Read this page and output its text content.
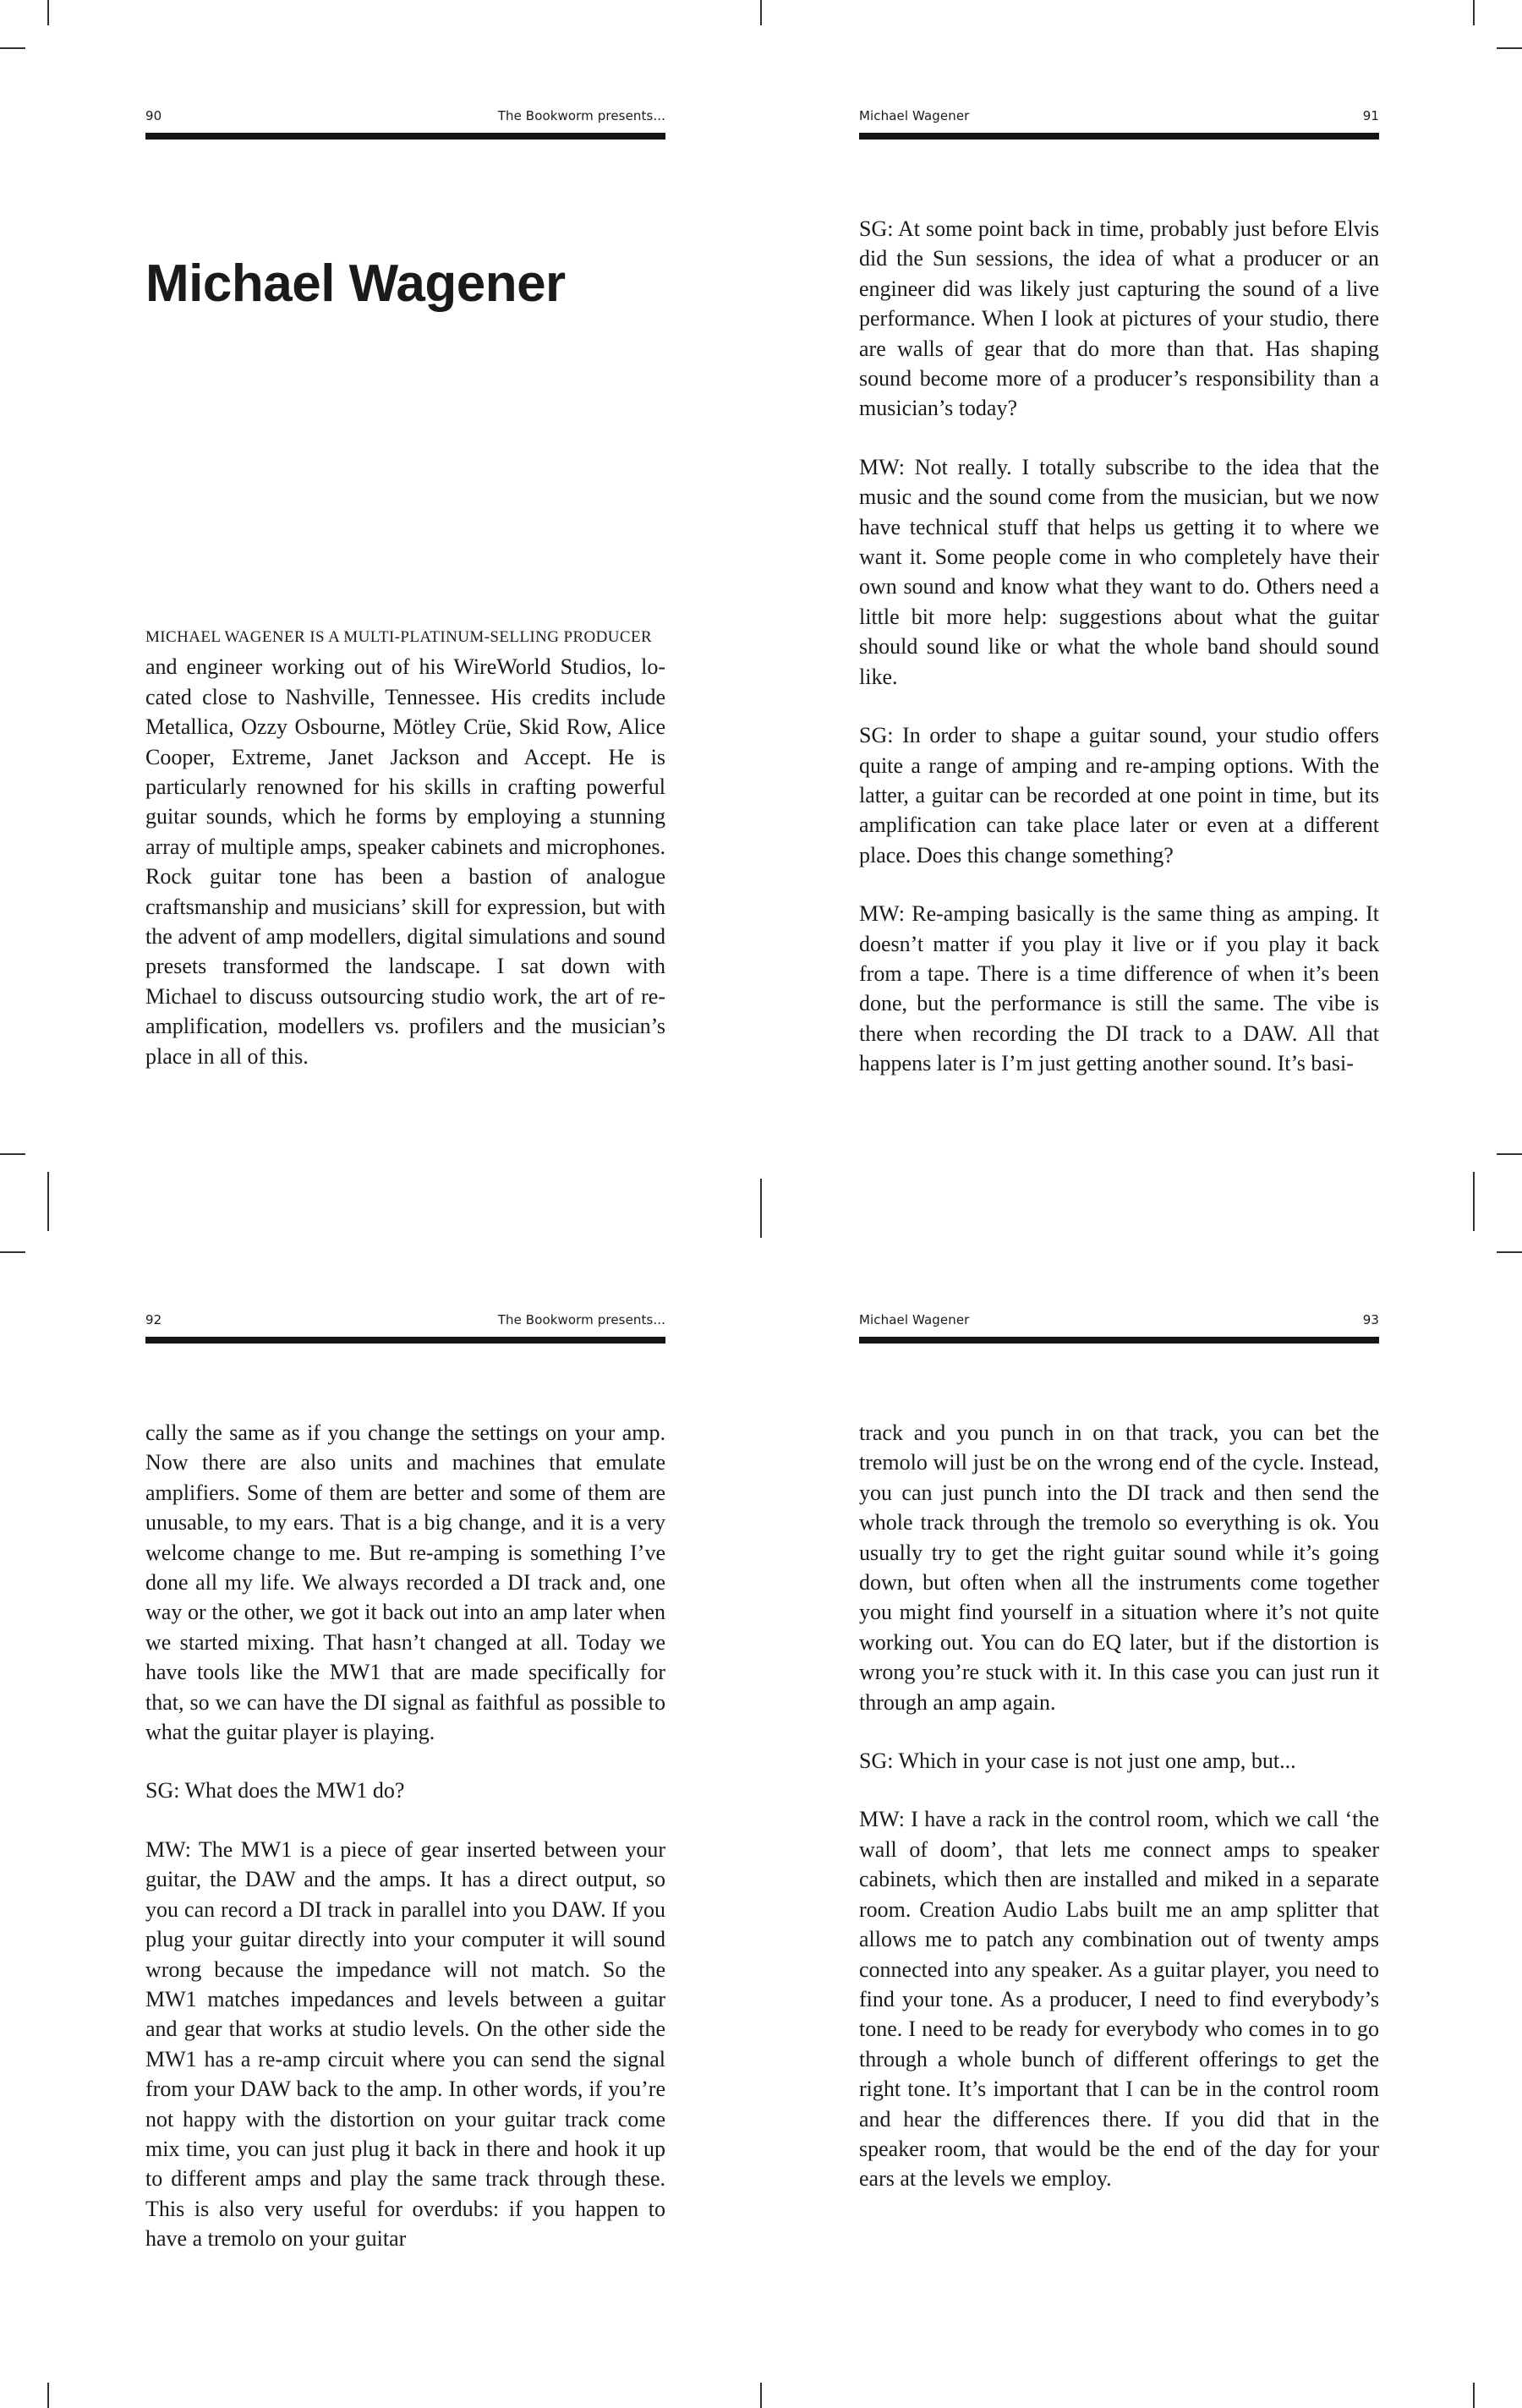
90	The Bookworm presents...
Michael Wagener
MICHAEL WAGENER IS A MULTI-PLATINUM-SELLING PRODUCER
and engineer working out of his WireWorld Studios, located close to Nashville, Tennessee. His credits include Metallica, Ozzy Osbourne, Mötley Crüe, Skid Row, Alice Cooper, Extreme, Janet Jackson and Accept. He is particularly renowned for his skills in crafting powerful guitar sounds, which he forms by employing a stunning array of multiple amps, speaker cabinets and microphones. Rock guitar tone has been a bastion of analogue craftsmanship and musicians’ skill for expression, but with the advent of amp modellers, digital simulations and sound presets transformed the landscape. I sat down with Michael to discuss outsourcing studio work, the art of re-amplification, modellers vs. profilers and the musician’s place in all of this.
Michael Wagener	91

SG: At some point back in time, probably just before Elvis did the Sun sessions, the idea of what a producer or an engineer did was likely just capturing the sound of a live performance. When I look at pictures of your studio, there are walls of gear that do more than that. Has shaping sound become more of a producer’s responsibility than a musician’s today?

MW: Not really. I totally subscribe to the idea that the music and the sound come from the musician, but we now have technical stuff that helps us getting it to where we want it. Some people come in who completely have their own sound and know what they want to do. Others need a little bit more help: suggestions about what the guitar should sound like or what the whole band should sound like.

SG: In order to shape a guitar sound, your studio offers quite a range of amping and re-amping options. With the latter, a guitar can be recorded at one point in time, but its amplification can take place later or even at a different place. Does this change something?

MW: Re-amping basically is the same thing as amping. It doesn’t matter if you play it live or if you play it back from a tape. There is a time difference of when it’s been done, but the performance is still the same. The vibe is there when recording the DI track to a DAW. All that happens later is I’m just getting another sound. It’s basi-

92	The Bookworm presents...

cally the same as if you change the settings on your amp. Now there are also units and machines that emulate amplifiers. Some of them are better and some of them are unusable, to my ears. That is a big change, and it is a very welcome change to me. But re-amping is something I’ve done all my life. We always recorded a DI track and, one way or the other, we got it back out into an amp later when we started mixing. That hasn’t changed at all. Today we have tools like the MW1 that are made specifically for that, so we can have the DI signal as faithful as possible to what the guitar player is playing.

SG: What does the MW1 do?

MW: The MW1 is a piece of gear inserted between your guitar, the DAW and the amps. It has a direct output, so you can record a DI track in parallel into you DAW. If you plug your guitar directly into your computer it will sound wrong because the impedance will not match. So the MW1 matches impedances and levels between a guitar and gear that works at studio levels. On the other side the MW1 has a re-amp circuit where you can send the signal from your DAW back to the amp. In other words, if you’re not happy with the distortion on your guitar track come mix time, you can just plug it back in there and hook it up to different amps and play the same track through these. This is also very useful for overdubs: if you happen to have a tremolo on your guitar

Michael Wagener	93

track and you punch in on that track, you can bet the tremolo will just be on the wrong end of the cycle. Instead, you can just punch into the DI track and then send the whole track through the tremolo so everything is ok. You usually try to get the right guitar sound while it’s going down, but often when all the instruments come together you might find yourself in a situation where it’s not quite working out. You can do EQ later, but if the distortion is wrong you’re stuck with it. In this case you can just run it through an amp again.

SG: Which in your case is not just one amp, but...

MW: I have a rack in the control room, which we call ‘the wall of doom’, that lets me connect amps to speaker cabinets, which then are installed and miked in a separate room. Creation Audio Labs built me an amp splitter that allows me to patch any combination out of twenty amps connected into any speaker. As a guitar player, you need to find your tone. As a producer, I need to find everybody’s tone. I need to be ready for everybody who comes in to go through a whole bunch of different offerings to get the right tone. It’s important that I can be in the control room and hear the differences there. If you did that in the speaker room, that would be the end of the day for your ears at the levels we employ.
